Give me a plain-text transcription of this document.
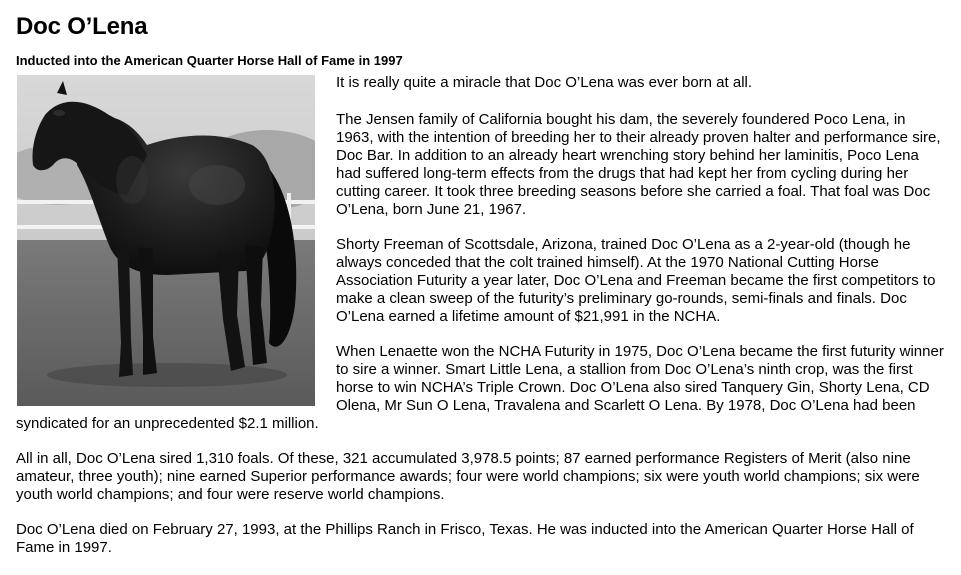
Doc O’Lena
Inducted into the American Quarter Horse Hall of Fame in 1997

It is really quite a miracle that Doc O’Lena was ever born at all.

The Jensen family of California bought his dam, the severely foundered Poco Lena, in 1963, with the intention of breeding her to their already proven halter and performance sire, Doc Bar. In addition to an already heart wrenching story behind her laminitis, Poco Lena had suffered long-term effects from the drugs that had kept her from cycling during her cutting career. It took three breeding seasons before she carried a foal. That foal was Doc O’Lena, born June 21, 1967.

Shorty Freeman of Scottsdale, Arizona, trained Doc O’Lena as a 2-year-old (though he always conceded that the colt trained himself). At the 1970 National Cutting Horse Association Futurity a year later, Doc O’Lena and Freeman became the first competitors to make a clean sweep of the futurity’s preliminary go-rounds, semi-finals and finals. Doc O’Lena earned a lifetime amount of $21,991 in the NCHA.

When Lenaette won the NCHA Futurity in 1975, Doc O’Lena became the first futurity winner to sire a winner. Smart Little Lena, a stallion from Doc O’Lena’s ninth crop, was the first horse to win NCHA’s Triple Crown. Doc O’Lena also sired Tanquery Gin, Shorty Lena, CD Olena, Mr Sun O Lena, Travalena and Scarlett O Lena. By 1978, Doc O’Lena had been syndicated for an unprecedented $2.1 million.

All in all, Doc O’Lena sired 1,310 foals. Of these, 321 accumulated 3,978.5 points; 87 earned performance Registers of Merit (also nine amateur, three youth); nine earned Superior performance awards; four were world champions; six were youth world champions; six were youth world champions; and four were reserve world champions.

Doc O’Lena died on February 27, 1993, at the Phillips Ranch in Frisco, Texas. He was inducted into the American Quarter Horse Hall of Fame in 1997.
